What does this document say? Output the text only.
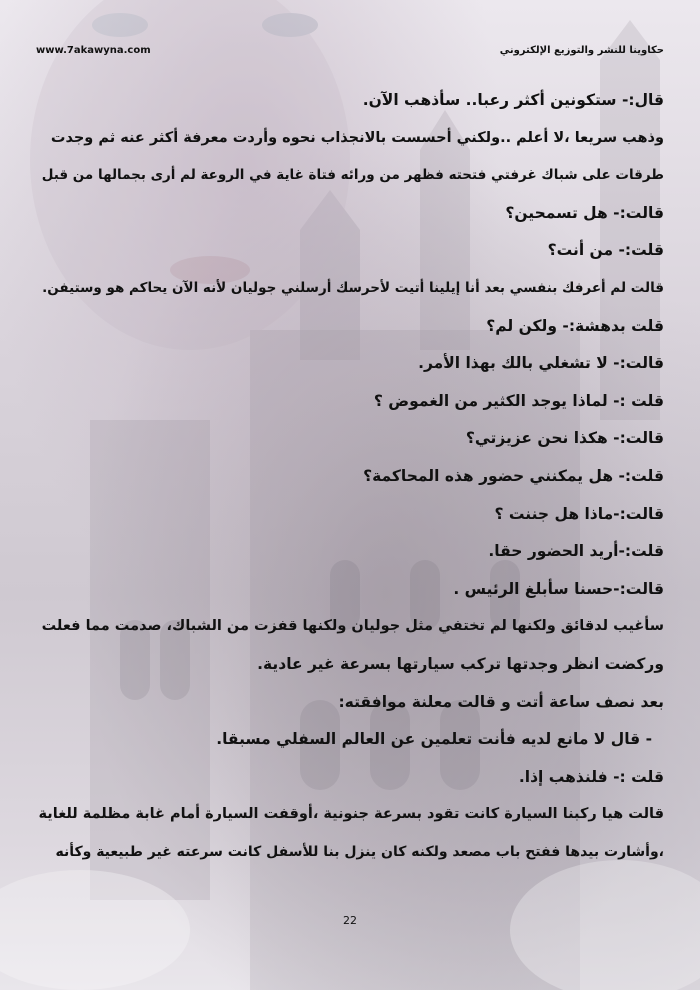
www.7akawyna.com	حكاوينا للنشر والتوزيع الإلكتروني
قال:- ستكونين أكثر رعبا.. سأذهب الآن.
وذهب سريعا ،لا أعلم ..ولكني أحسست بالانجذاب نحوه وأردت معرفة أكثر عنه ثم وجدت
طرقات على شباك غرفتي فتحته فظهر من ورائه فتاة غاية في الروعة لم أرى بجمالها من قبل
قالت:- هل تسمحين؟
قلت:- من أنت؟
قالت لم أعرفك بنفسي بعد أنا إيلينا أتيت لأحرسك أرسلني جوليان لأنه الآن يحاكم هو وستيفن.
قلت بدهشة:- ولكن لم؟
قالت:- لا تشغلي بالك بهذا الأمر.
قلت :- لماذا يوجد الكثير من الغموض ؟
قالت:- هكذا نحن عزيزتي؟
قلت:- هل يمكنني حضور هذه المحاكمة؟
قالت:-ماذا هل جننت ؟
قلت:-أريد الحضور حقا.
قالت:-حسنا سأبلغ الرئيس .
سأغيب لدقائق ولكنها لم تختفي مثل جوليان ولكنها قفزت من الشباك، صدمت مما فعلت
وركضت انظر وجدتها تركب سيارتها بسرعة غير عادية.
بعد نصف ساعة أتت و قالت معلنة موافقته:
- قال لا مانع لديه فأنت تعلمين عن العالم السفلي مسبقا.
قلت :- فلنذهب إذا.
قالت هيا ركبنا السيارة كانت تقود بسرعة جنونية ،أوقفت السيارة أمام غابة مظلمة للغاية
،وأشارت بيدها ففتح باب مصعد ولكنه كان ينزل بنا للأسفل كانت سرعته غير طبيعية وكأنه
22
